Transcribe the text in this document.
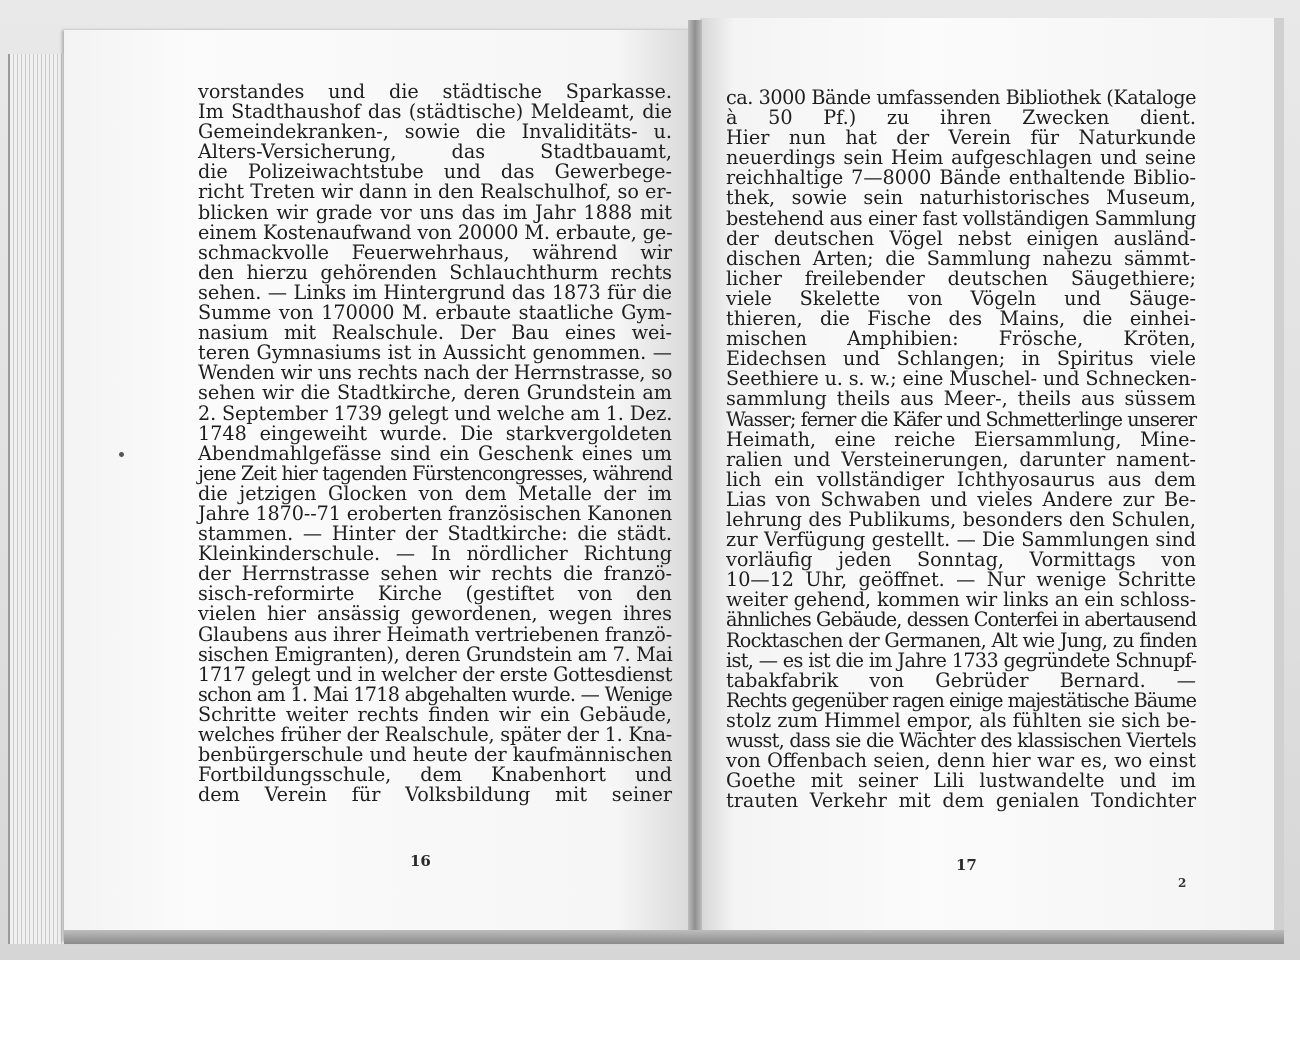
vorstandes und die städtische Sparkasse.
Im Stadthaushof das (städtische) Meldeamt, die
Gemeindekranken-, sowie die Invaliditäts- u.
Alters-Versicherung, das Stadtbauamt,
die Polizeiwachtstube und das Gewerbege-
richt Treten wir dann in den Realschulhof, so er-
blicken wir grade vor uns das im Jahr 1888 mit
einem Kostenaufwand von 20000 M. erbaute, ge-
schmackvolle Feuerwehrhaus, während wir
den hierzu gehörenden Schlauchthurm rechts
sehen. — Links im Hintergrund das 1873 für die
Summe von 170000 M. erbaute staatliche Gym-
nasium mit Realschule. Der Bau eines wei-
teren Gymnasiums ist in Aussicht genommen. —
Wenden wir uns rechts nach der Herrnstrasse, so
sehen wir die Stadtkirche, deren Grundstein am
2. September 1739 gelegt und welche am 1. Dez.
1748 eingeweiht wurde. Die starkvergoldeten
Abendmahlgefässe sind ein Geschenk eines um
jene Zeit hier tagenden Fürstencongresses, während
die jetzigen Glocken von dem Metalle der im
Jahre 1870--71 eroberten französischen Kanonen
stammen. — Hinter der Stadtkirche: die städt.
Kleinkinderschule. — In nördlicher Richtung
der Herrnstrasse sehen wir rechts die franzö-
sisch-reformirte Kirche (gestiftet von den
vielen hier ansässig gewordenen, wegen ihres
Glaubens aus ihrer Heimath vertriebenen franzö-
sischen Emigranten), deren Grundstein am 7. Mai
1717 gelegt und in welcher der erste Gottesdienst
schon am 1. Mai 1718 abgehalten wurde. — Wenige
Schritte weiter rechts finden wir ein Gebäude,
welches früher der Realschule, später der 1. Kna-
benbürgerschule und heute der kaufmännischen
Fortbildungsschule, dem Knabenhort und
dem Verein für Volksbildung mit seiner
ca. 3000 Bände umfassenden Bibliothek (Kataloge
à 50 Pf.) zu ihren Zwecken dient.
Hier nun hat der Verein für Naturkunde
neuerdings sein Heim aufgeschlagen und seine
reichhaltige 7—8000 Bände enthaltende Biblio-
thek, sowie sein naturhistorisches Museum,
bestehend aus einer fast vollständigen Sammlung
der deutschen Vögel nebst einigen ausländ-
dischen Arten; die Sammlung nahezu sämmt-
licher freilebender deutschen Säugethiere;
viele Skelette von Vögeln und Säuge-
thieren, die Fische des Mains, die einhei-
mischen Amphibien: Frösche, Kröten,
Eidechsen und Schlangen; in Spiritus viele
Seethiere u. s. w.; eine Muschel- und Schnecken-
sammlung theils aus Meer-, theils aus süssem
Wasser; ferner die Käfer und Schmetterlinge unserer
Heimath, eine reiche Eiersammlung, Mine-
ralien und Versteinerungen, darunter nament-
lich ein vollständiger Ichthyosaurus aus dem
Lias von Schwaben und vieles Andere zur Be-
lehrung des Publikums, besonders den Schulen,
zur Verfügung gestellt. — Die Sammlungen sind
vorläufig jeden Sonntag, Vormittags von
10—12 Uhr, geöffnet. — Nur wenige Schritte
weiter gehend, kommen wir links an ein schloss-
ähnliches Gebäude, dessen Conterfei in abertausend
Rocktaschen der Germanen, Alt wie Jung, zu finden
ist, — es ist die im Jahre 1733 gegründete Schnupf-
tabakfabrik von Gebrüder Bernard. —
Rechts gegenüber ragen einige majestätische Bäume
stolz zum Himmel empor, als fühlten sie sich be-
wusst, dass sie die Wächter des klassischen Viertels
von Offenbach seien, denn hier war es, wo einst
Goethe mit seiner Lili lustwandelte und im
trauten Verkehr mit dem genialen Tondichter
16	17
2
